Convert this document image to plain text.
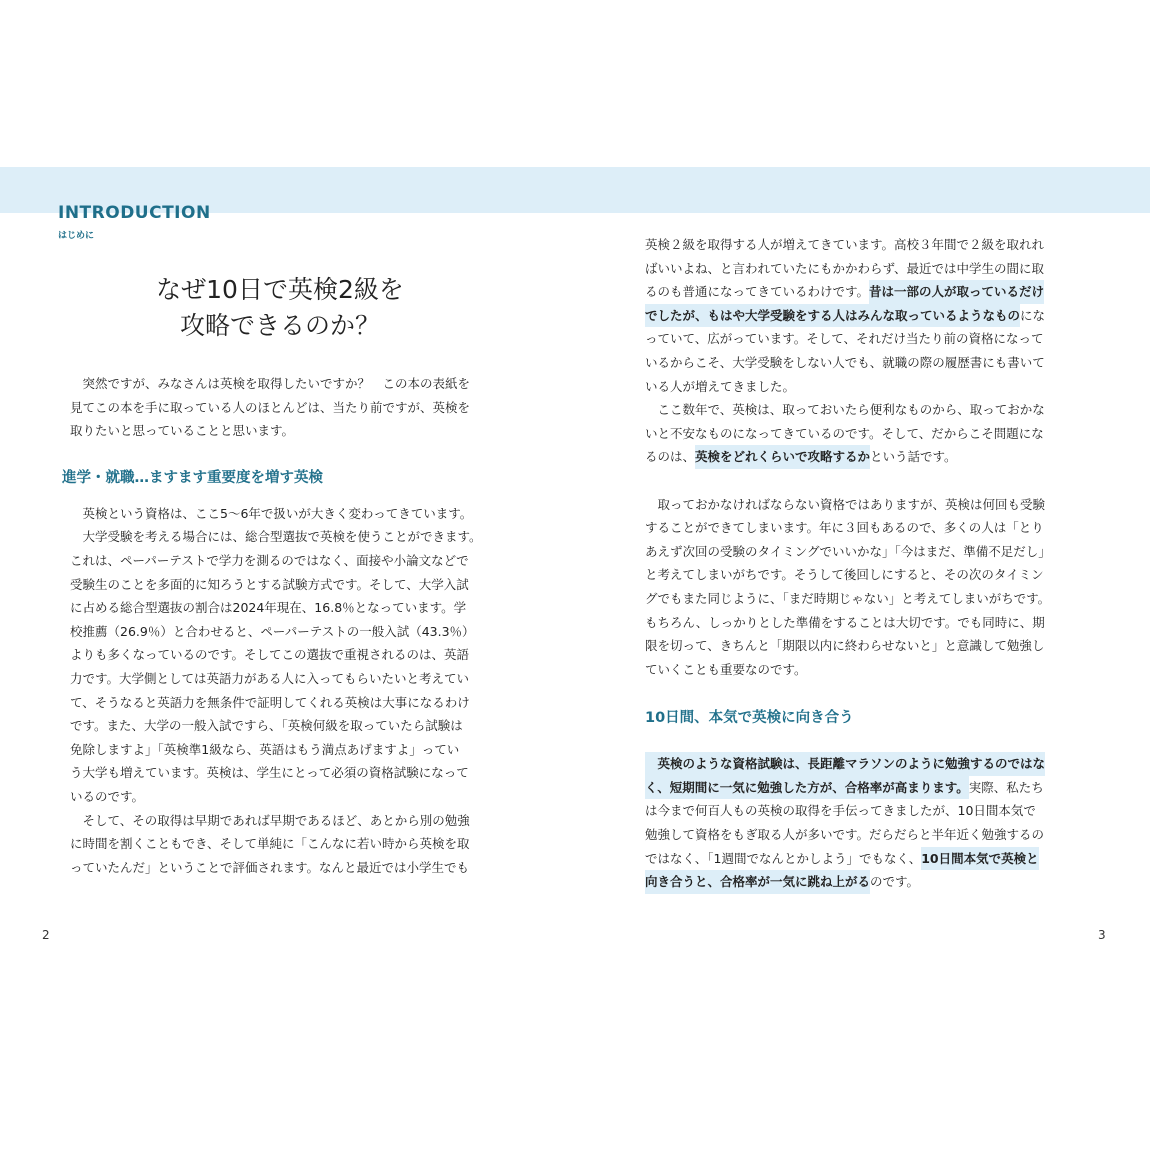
INTRODUCTION
はじめに
なぜ10日で英検2級を
攻略できるのか？
　突然ですが、みなさんは英検を取得したいですか？　この本の表紙を
見てこの本を手に取っている人のほとんどは、当たり前ですが、英検を
取りたいと思っていることと思います。
進学・就職…ますます重要度を増す英検
　英検という資格は、ここ5～6年で扱いが大きく変わってきています。
　大学受験を考える場合には、総合型選抜で英検を使うことができます。
これは、ペーパーテストで学力を測るのではなく、面接や小論文などで
受験生のことを多面的に知ろうとする試験方式です。そして、大学入試
に占める総合型選抜の割合は2024年現在、16.8％となっています。学
校推薦（26.9％）と合わせると、ペーパーテストの一般入試（43.3％）
よりも多くなっているのです。そしてこの選抜で重視されるのは、英語
力です。大学側としては英語力がある人に入ってもらいたいと考えてい
て、そうなると英語力を無条件で証明してくれる英検は大事になるわけ
です。また、大学の一般入試ですら、「英検何級を取っていたら試験は
免除しますよ」「英検準1級なら、英語はもう満点あげますよ」ってい
う大学も増えています。英検は、学生にとって必須の資格試験になって
いるのです。
　そして、その取得は早期であれば早期であるほど、あとから別の勉強
に時間を割くこともでき、そして単純に「こんなに若い時から英検を取
っていたんだ」ということで評価されます。なんと最近では小学生でも
2
英検２級を取得する人が増えてきています。高校３年間で２級を取れれ
ばいいよね、と言われていたにもかかわらず、最近では中学生の間に取
るのも普通になってきているわけです。昔は一部の人が取っているだけ
でしたが、もはや大学受験をする人はみんな取っているようなものにな
っていて、広がっています。そして、それだけ当たり前の資格になって
いるからこそ、大学受験をしない人でも、就職の際の履歴書にも書いて
いる人が増えてきました。
　ここ数年で、英検は、取っておいたら便利なものから、取っておかな
いと不安なものになってきているのです。そして、だからこそ問題にな
るのは、英検をどれくらいで攻略するかという話です。
　取っておかなければならない資格ではありますが、英検は何回も受験
することができてしまいます。年に３回もあるので、多くの人は「とり
あえず次回の受験のタイミングでいいかな」「今はまだ、準備不足だし」
と考えてしまいがちです。そうして後回しにすると、その次のタイミン
グでもまた同じように、「まだ時期じゃない」と考えてしまいがちです。
もちろん、しっかりとした準備をすることは大切です。でも同時に、期
限を切って、きちんと「期限以内に終わらせないと」と意識して勉強し
ていくことも重要なのです。
10日間、本気で英検に向き合う
　英検のような資格試験は、長距離マラソンのように勉強するのではな
く、短期間に一気に勉強した方が、合格率が高まります。実際、私たち
は今まで何百人もの英検の取得を手伝ってきましたが、10日間本気で
勉強して資格をもぎ取る人が多いです。だらだらと半年近く勉強するの
ではなく、「1週間でなんとかしよう」でもなく、10日間本気で英検と
向き合うと、合格率が一気に跳ね上がるのです。
3
